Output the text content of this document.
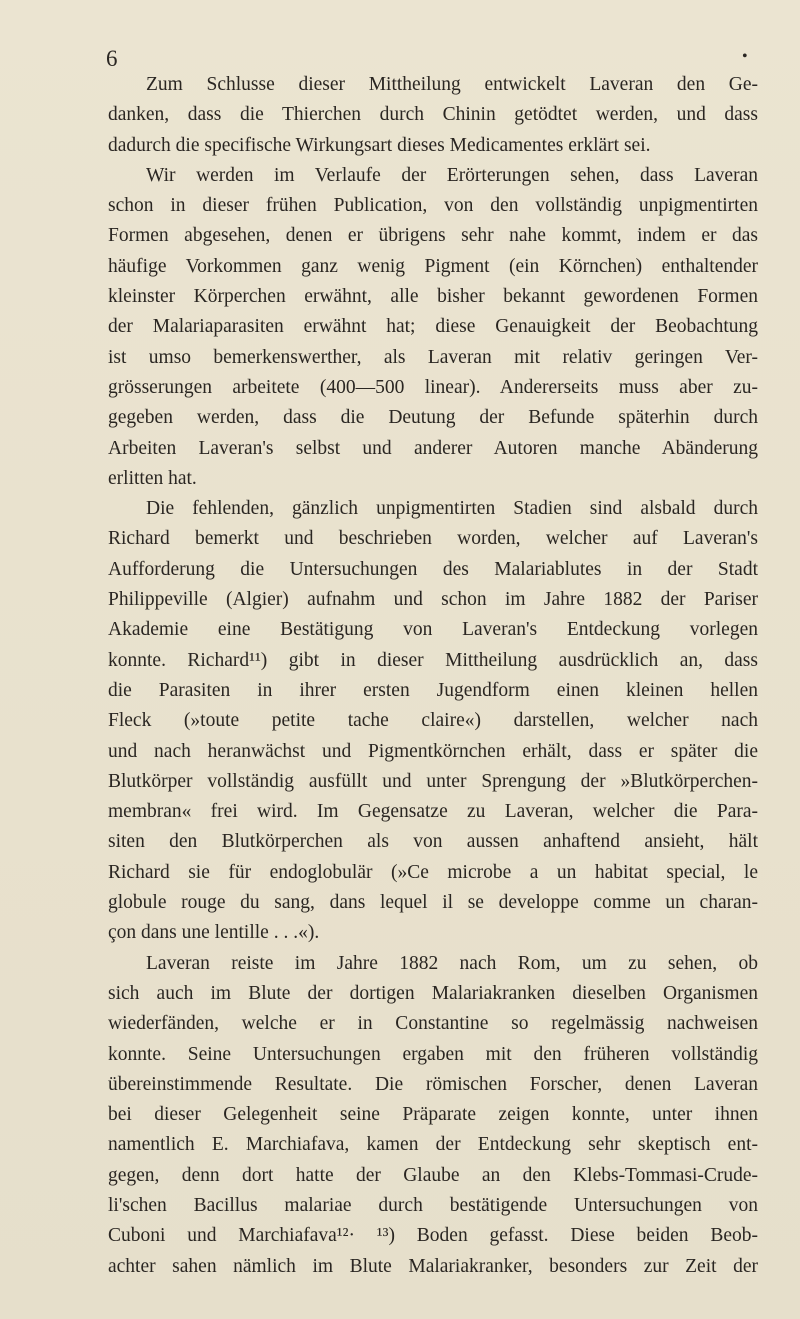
6	•
Zum Schlusse dieser Mittheilung entwickelt Laveran den Ge-
danken, dass die Thierchen durch Chinin getödtet werden, und dass
dadurch die specifische Wirkungsart dieses Medicamentes erklärt sei.
Wir werden im Verlaufe der Erörterungen sehen, dass Laveran
schon in dieser frühen Publication, von den vollständig unpigmentirten
Formen abgesehen, denen er übrigens sehr nahe kommt, indem er das
häufige Vorkommen ganz wenig Pigment (ein Körnchen) enthaltender
kleinster Körperchen erwähnt, alle bisher bekannt gewordenen Formen
der Malariaparasiten erwähnt hat; diese Genauigkeit der Beobachtung
ist umso bemerkenswerther, als Laveran mit relativ geringen Ver-
grösserungen arbeitete (400—500 linear). Andererseits muss aber zu-
gegeben werden, dass die Deutung der Befunde späterhin durch
Arbeiten Laveran's selbst und anderer Autoren manche Abänderung
erlitten hat.
Die fehlenden, gänzlich unpigmentirten Stadien sind alsbald durch
Richard bemerkt und beschrieben worden, welcher auf Laveran's
Aufforderung die Untersuchungen des Malariablutes in der Stadt
Philippeville (Algier) aufnahm und schon im Jahre 1882 der Pariser
Akademie eine Bestätigung von Laveran's Entdeckung vorlegen
konnte. Richard¹¹) gibt in dieser Mittheilung ausdrücklich an, dass
die Parasiten in ihrer ersten Jugendform einen kleinen hellen
Fleck (»toute petite tache claire«) darstellen, welcher nach
und nach heranwächst und Pigmentkörnchen erhält, dass er später die
Blutkörper vollständig ausfüllt und unter Sprengung der »Blutkörperchen-
membran« frei wird. Im Gegensatze zu Laveran, welcher die Para-
siten den Blutkörperchen als von aussen anhaftend ansieht, hält
Richard sie für endoglobulär (»Ce microbe a un habitat special, le
globule rouge du sang, dans lequel il se developpe comme un charan-
çon dans une lentille . . .«).
Laveran reiste im Jahre 1882 nach Rom, um zu sehen, ob
sich auch im Blute der dortigen Malariakranken dieselben Organismen
wiederfänden, welche er in Constantine so regelmässig nachweisen
konnte. Seine Untersuchungen ergaben mit den früheren vollständig
übereinstimmende Resultate. Die römischen Forscher, denen Laveran
bei dieser Gelegenheit seine Präparate zeigen konnte, unter ihnen
namentlich E. Marchiafava, kamen der Entdeckung sehr skeptisch ent-
gegen, denn dort hatte der Glaube an den Klebs-Tommasi-Crude-
li'schen Bacillus malariae durch bestätigende Untersuchungen von
Cuboni und Marchiafava¹²· ¹³) Boden gefasst. Diese beiden Beob-
achter sahen nämlich im Blute Malariakranker, besonders zur Zeit der
